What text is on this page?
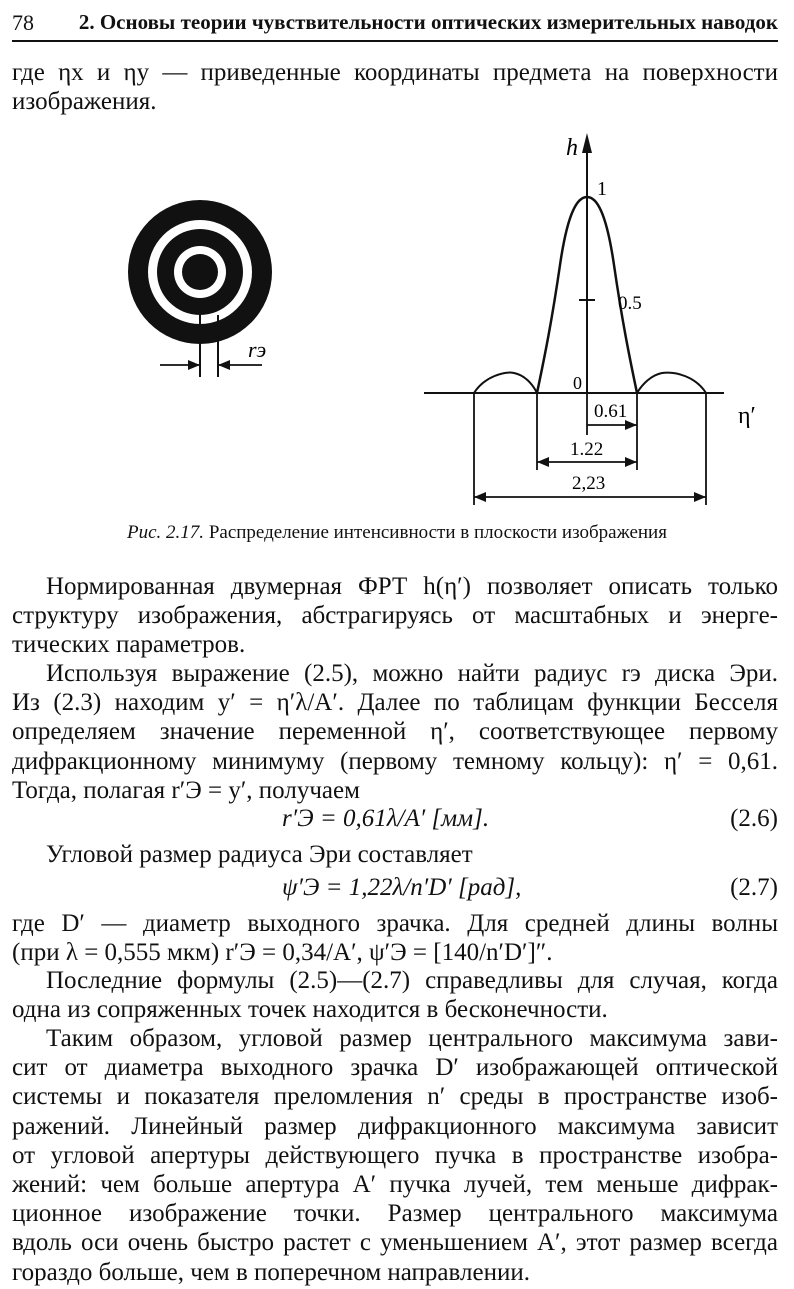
78 2. Основы теории чувствительности оптических измерительных наводок
где ηx и ηy — приведенные координаты предмета на поверхности
изображения.
rэ
h
η′
1
0.5
0
0.61
1.22
2,23
Рис. 2.17. Распределение интенсивности в плоскости изображения
Нормированная двумерная ФРТ h(η′) позволяет описать только
структуру изображения, абстрагируясь от масштабных и энерге-
тических параметров.
Используя выражение (2.5), можно найти радиус rэ диска Эри.
Из (2.3) находим y′ = η′λ/A′. Далее по таблицам функции Бесселя
определяем значение переменной η′, соответствующее первому
дифракционному минимуму (первому темному кольцу): η′ = 0,61.
Тогда, полагая r′Э = y′, получаем
r′Э = 0,61λ/A′ [мм].	(2.6)
Угловой размер радиуса Эри составляет
ψ′Э = 1,22λ/n′D′ [рад],	(2.7)
где D′ — диаметр выходного зрачка. Для средней длины волны
(при λ = 0,555 мкм) r′Э = 0,34/A′, ψ′Э = [140/n′D′]″.
Последние формулы (2.5)—(2.7) справедливы для случая, когда
одна из сопряженных точек находится в бесконечности.
Таким образом, угловой размер центрального максимума зави-
сит от диаметра выходного зрачка D′ изображающей оптической
системы и показателя преломления n′ среды в пространстве изоб-
ражений. Линейный размер дифракционного максимума зависит
от угловой апертуры действующего пучка в пространстве изобра-
жений: чем больше апертура A′ пучка лучей, тем меньше дифрак-
ционное изображение точки. Размер центрального максимума
вдоль оси очень быстро растет с уменьшением A′, этот размер всегда
гораздо больше, чем в поперечном направлении.
